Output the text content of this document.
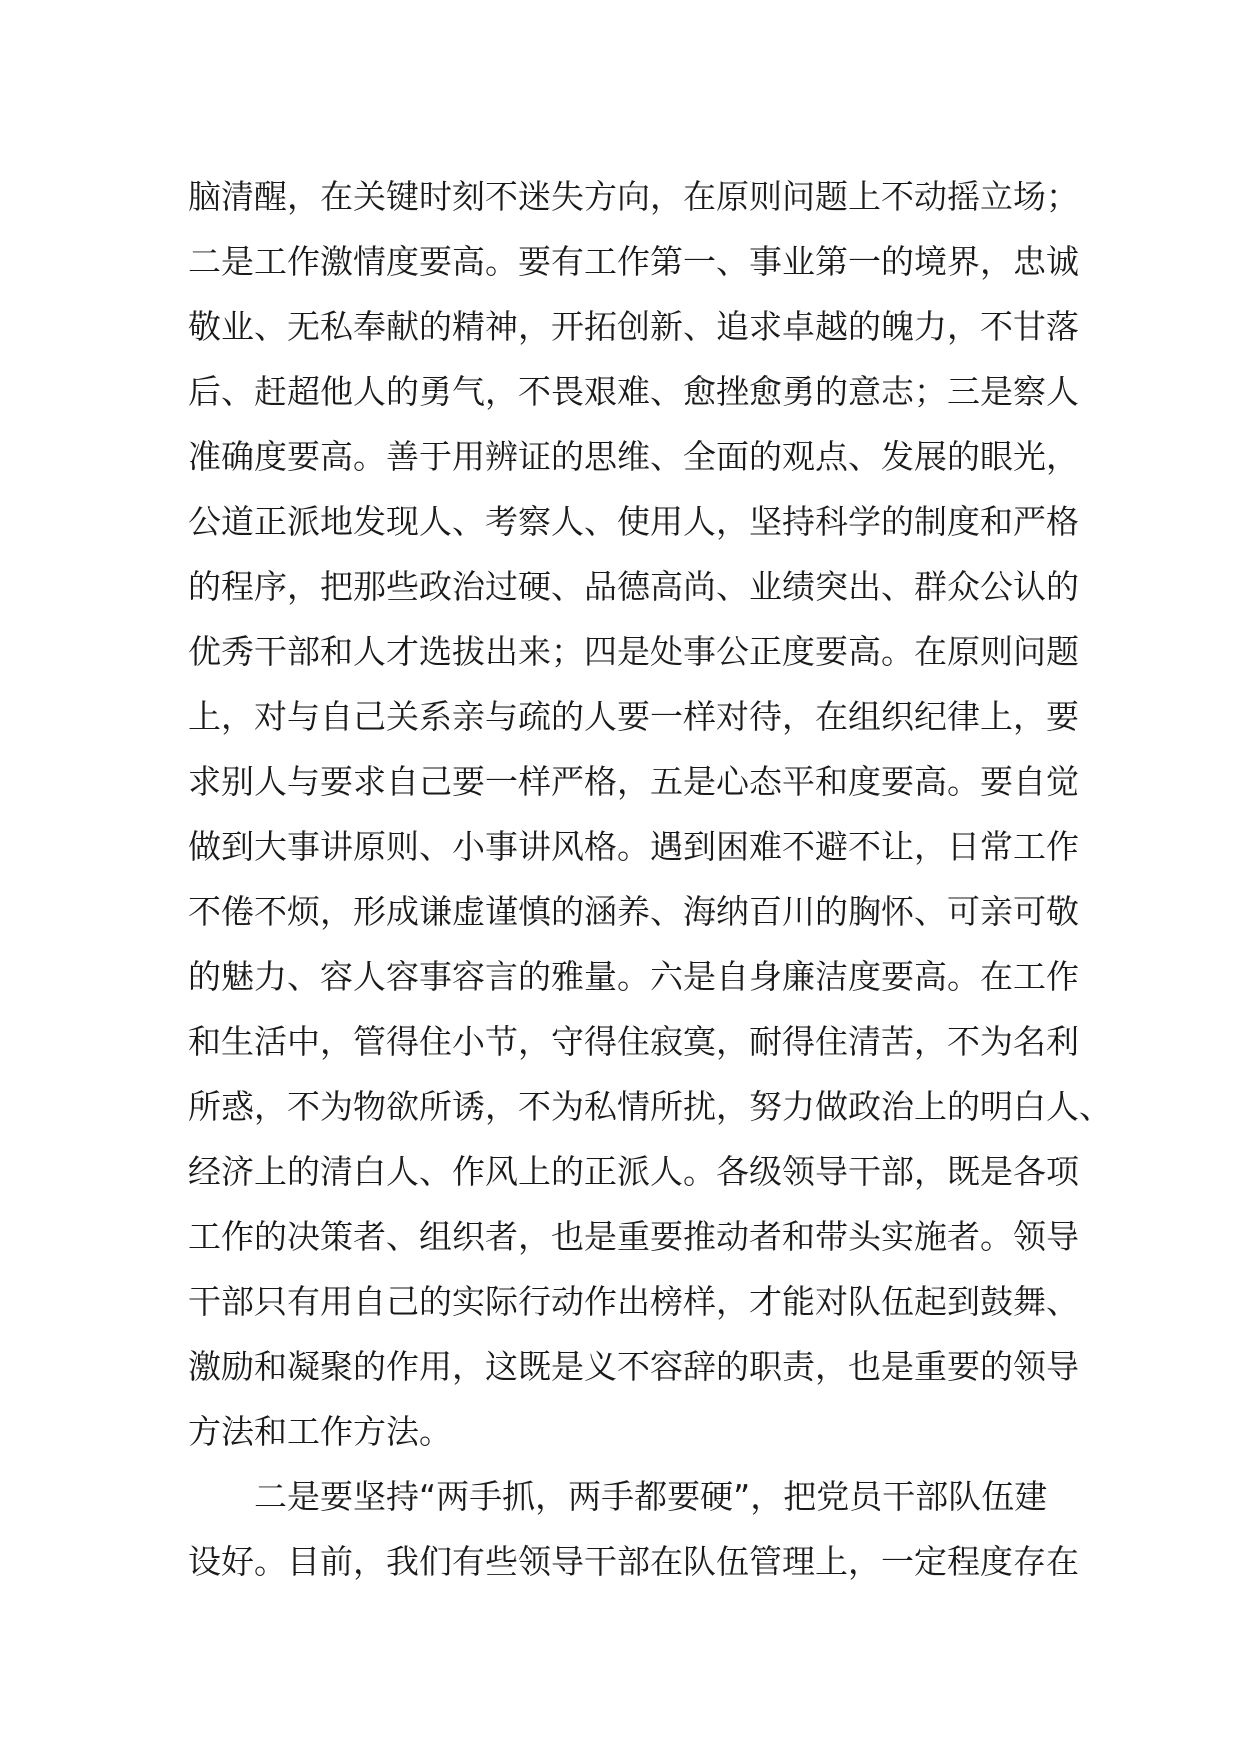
脑清醒，在关键时刻不迷失方向，在原则问题上不动摇立场；
二是工作激情度要高。要有工作第一、事业第一的境界，忠诚
敬业、无私奉献的精神，开拓创新、追求卓越的魄力，不甘落
后、赶超他人的勇气，不畏艰难、愈挫愈勇的意志；三是察人
准确度要高。善于用辨证的思维、全面的观点、发展的眼光，
公道正派地发现人、考察人、使用人，坚持科学的制度和严格
的程序，把那些政治过硬、品德高尚、业绩突出、群众公认的
优秀干部和人才选拔出来；四是处事公正度要高。在原则问题
上，对与自己关系亲与疏的人要一样对待，在组织纪律上，要
求别人与要求自己要一样严格，五是心态平和度要高。要自觉
做到大事讲原则、小事讲风格。遇到困难不避不让，日常工作
不倦不烦，形成谦虚谨慎的涵养、海纳百川的胸怀、可亲可敬
的魅力、容人容事容言的雅量。六是自身廉洁度要高。在工作
和生活中，管得住小节，守得住寂寞，耐得住清苦，不为名利
所惑，不为物欲所诱，不为私情所扰，努力做政治上的明白人、
经济上的清白人、作风上的正派人。各级领导干部，既是各项
工作的决策者、组织者，也是重要推动者和带头实施者。领导
干部只有用自己的实际行动作出榜样，才能对队伍起到鼓舞、
激励和凝聚的作用，这既是义不容辞的职责，也是重要的领导
方法和工作方法。
二是要坚持“两手抓，两手都要硬”，把党员干部队伍建
设好。目前，我们有些领导干部在队伍管理上，一定程度存在
